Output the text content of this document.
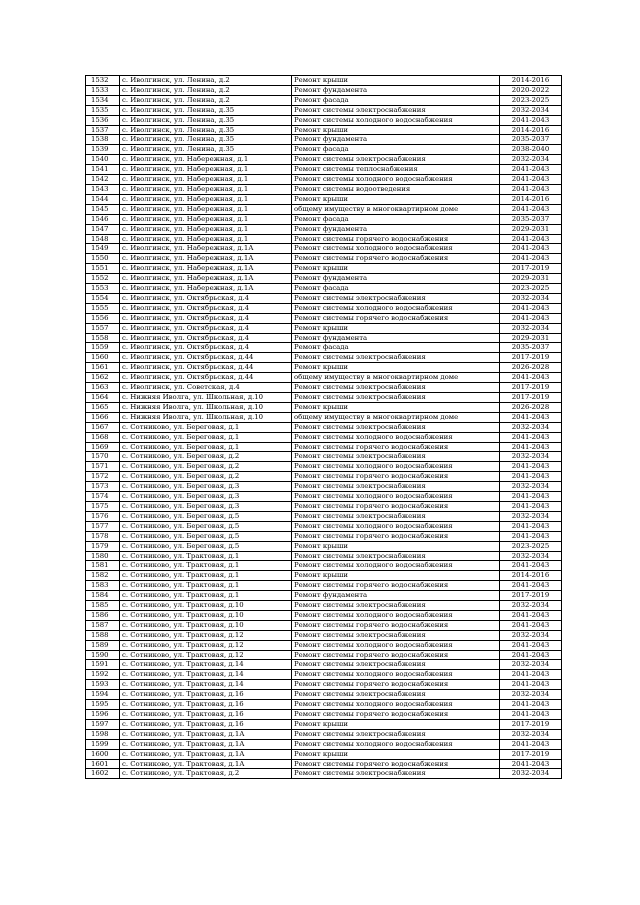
1532	с. Иволгинск, ул. Ленина, д.2	Ремонт крыши	2014-2016
1533	с. Иволгинск, ул. Ленина, д.2	Ремонт фундамента	2020-2022
1534	с. Иволгинск, ул. Ленина, д.2	Ремонт фасада	2023-2025
1535	с. Иволгинск, ул. Ленина, д.35	Ремонт системы электроснабжения	2032-2034
1536	с. Иволгинск, ул. Ленина, д.35	Ремонт системы холодного водоснабжения	2041-2043
1537	с. Иволгинск, ул. Ленина, д.35	Ремонт крыши	2014-2016
1538	с. Иволгинск, ул. Ленина, д.35	Ремонт фундамента	2035-2037
1539	с. Иволгинск, ул. Ленина, д.35	Ремонт фасада	2038-2040
1540	с. Иволгинск, ул. Набережная, д.1	Ремонт системы электроснабжения	2032-2034
1541	с. Иволгинск, ул. Набережная, д.1	Ремонт системы теплоснабжения	2041-2043
1542	с. Иволгинск, ул. Набережная, д.1	Ремонт системы холодного водоснабжения	2041-2043
1543	с. Иволгинск, ул. Набережная, д.1	Ремонт системы водоотведения	2041-2043
1544	с. Иволгинск, ул. Набережная, д.1	Ремонт крыши	2014-2016
1545	с. Иволгинск, ул. Набережная, д.1	общему имуществу в многоквартирном доме	2041-2043
1546	с. Иволгинск, ул. Набережная, д.1	Ремонт фасада	2035-2037
1547	с. Иволгинск, ул. Набережная, д.1	Ремонт фундамента	2029-2031
1548	с. Иволгинск, ул. Набережная, д.1	Ремонт системы горячего водоснабжения	2041-2043
1549	с. Иволгинск, ул. Набережная, д.1А	Ремонт системы холодного водоснабжения	2041-2043
1550	с. Иволгинск, ул. Набережная, д.1А	Ремонт системы горячего водоснабжения	2041-2043
1551	с. Иволгинск, ул. Набережная, д.1А	Ремонт крыши	2017-2019
1552	с. Иволгинск, ул. Набережная, д.1А	Ремонт фундамента	2029-2031
1553	с. Иволгинск, ул. Набережная, д.1А	Ремонт фасада	2023-2025
1554	с. Иволгинск, ул. Октябрьская, д.4	Ремонт системы электроснабжения	2032-2034
1555	с. Иволгинск, ул. Октябрьская, д.4	Ремонт системы холодного водоснабжения	2041-2043
1556	с. Иволгинск, ул. Октябрьская, д.4	Ремонт системы горячего водоснабжения	2041-2043
1557	с. Иволгинск, ул. Октябрьская, д.4	Ремонт крыши	2032-2034
1558	с. Иволгинск, ул. Октябрьская, д.4	Ремонт фундамента	2029-2031
1559	с. Иволгинск, ул. Октябрьская, д.4	Ремонт фасада	2035-2037
1560	с. Иволгинск, ул. Октябрьская, д.44	Ремонт системы электроснабжения	2017-2019
1561	с. Иволгинск, ул. Октябрьская, д.44	Ремонт крыши	2026-2028
1562	с. Иволгинск, ул. Октябрьская, д.44	общему имуществу в многоквартирном доме	2041-2043
1563	с. Иволгинск, ул. Советская, д.4	Ремонт системы электроснабжения	2017-2019
1564	с. Нижняя Иволга, ул. Школьная, д.10	Ремонт системы электроснабжения	2017-2019
1565	с. Нижняя Иволга, ул. Школьная, д.10	Ремонт крыши	2026-2028
1566	с. Нижняя Иволга, ул. Школьная, д.10	общему имуществу в многоквартирном доме	2041-2043
1567	с. Сотниково, ул. Береговая, д.1	Ремонт системы электроснабжения	2032-2034
1568	с. Сотниково, ул. Береговая, д.1	Ремонт системы холодного водоснабжения	2041-2043
1569	с. Сотниково, ул. Береговая, д.1	Ремонт системы горячего водоснабжения	2041-2043
1570	с. Сотниково, ул. Береговая, д.2	Ремонт системы электроснабжения	2032-2034
1571	с. Сотниково, ул. Береговая, д.2	Ремонт системы холодного водоснабжения	2041-2043
1572	с. Сотниково, ул. Береговая, д.2	Ремонт системы горячего водоснабжения	2041-2043
1573	с. Сотниково, ул. Береговая, д.3	Ремонт системы электроснабжения	2032-2034
1574	с. Сотниково, ул. Береговая, д.3	Ремонт системы холодного водоснабжения	2041-2043
1575	с. Сотниково, ул. Береговая, д.3	Ремонт системы горячего водоснабжения	2041-2043
1576	с. Сотниково, ул. Береговая, д.5	Ремонт системы электроснабжения	2032-2034
1577	с. Сотниково, ул. Береговая, д.5	Ремонт системы холодного водоснабжения	2041-2043
1578	с. Сотниково, ул. Береговая, д.5	Ремонт системы горячего водоснабжения	2041-2043
1579	с. Сотниково, ул. Береговая, д.5	Ремонт крыши	2023-2025
1580	с. Сотниково, ул. Трактовая, д.1	Ремонт системы электроснабжения	2032-2034
1581	с. Сотниково, ул. Трактовая, д.1	Ремонт системы холодного водоснабжения	2041-2043
1582	с. Сотниково, ул. Трактовая, д.1	Ремонт крыши	2014-2016
1583	с. Сотниково, ул. Трактовая, д.1	Ремонт системы горячего водоснабжения	2041-2043
1584	с. Сотниково, ул. Трактовая, д.1	Ремонт фундамента	2017-2019
1585	с. Сотниково, ул. Трактовая, д.10	Ремонт системы электроснабжения	2032-2034
1586	с. Сотниково, ул. Трактовая, д.10	Ремонт системы холодного водоснабжения	2041-2043
1587	с. Сотниково, ул. Трактовая, д.10	Ремонт системы горячего водоснабжения	2041-2043
1588	с. Сотниково, ул. Трактовая, д.12	Ремонт системы электроснабжения	2032-2034
1589	с. Сотниково, ул. Трактовая, д.12	Ремонт системы холодного водоснабжения	2041-2043
1590	с. Сотниково, ул. Трактовая, д.12	Ремонт системы горячего водоснабжения	2041-2043
1591	с. Сотниково, ул. Трактовая, д.14	Ремонт системы электроснабжения	2032-2034
1592	с. Сотниково, ул. Трактовая, д.14	Ремонт системы холодного водоснабжения	2041-2043
1593	с. Сотниково, ул. Трактовая, д.14	Ремонт системы горячего водоснабжения	2041-2043
1594	с. Сотниково, ул. Трактовая, д.16	Ремонт системы электроснабжения	2032-2034
1595	с. Сотниково, ул. Трактовая, д.16	Ремонт системы холодного водоснабжения	2041-2043
1596	с. Сотниково, ул. Трактовая, д.16	Ремонт системы горячего водоснабжения	2041-2043
1597	с. Сотниково, ул. Трактовая, д.16	Ремонт крыши	2017-2019
1598	с. Сотниково, ул. Трактовая, д.1А	Ремонт системы электроснабжения	2032-2034
1599	с. Сотниково, ул. Трактовая, д.1А	Ремонт системы холодного водоснабжения	2041-2043
1600	с. Сотниково, ул. Трактовая, д.1А	Ремонт крыши	2017-2019
1601	с. Сотниково, ул. Трактовая, д.1А	Ремонт системы горячего водоснабжения	2041-2043
1602	с. Сотниково, ул. Трактовая, д.2	Ремонт системы электроснабжения	2032-2034
